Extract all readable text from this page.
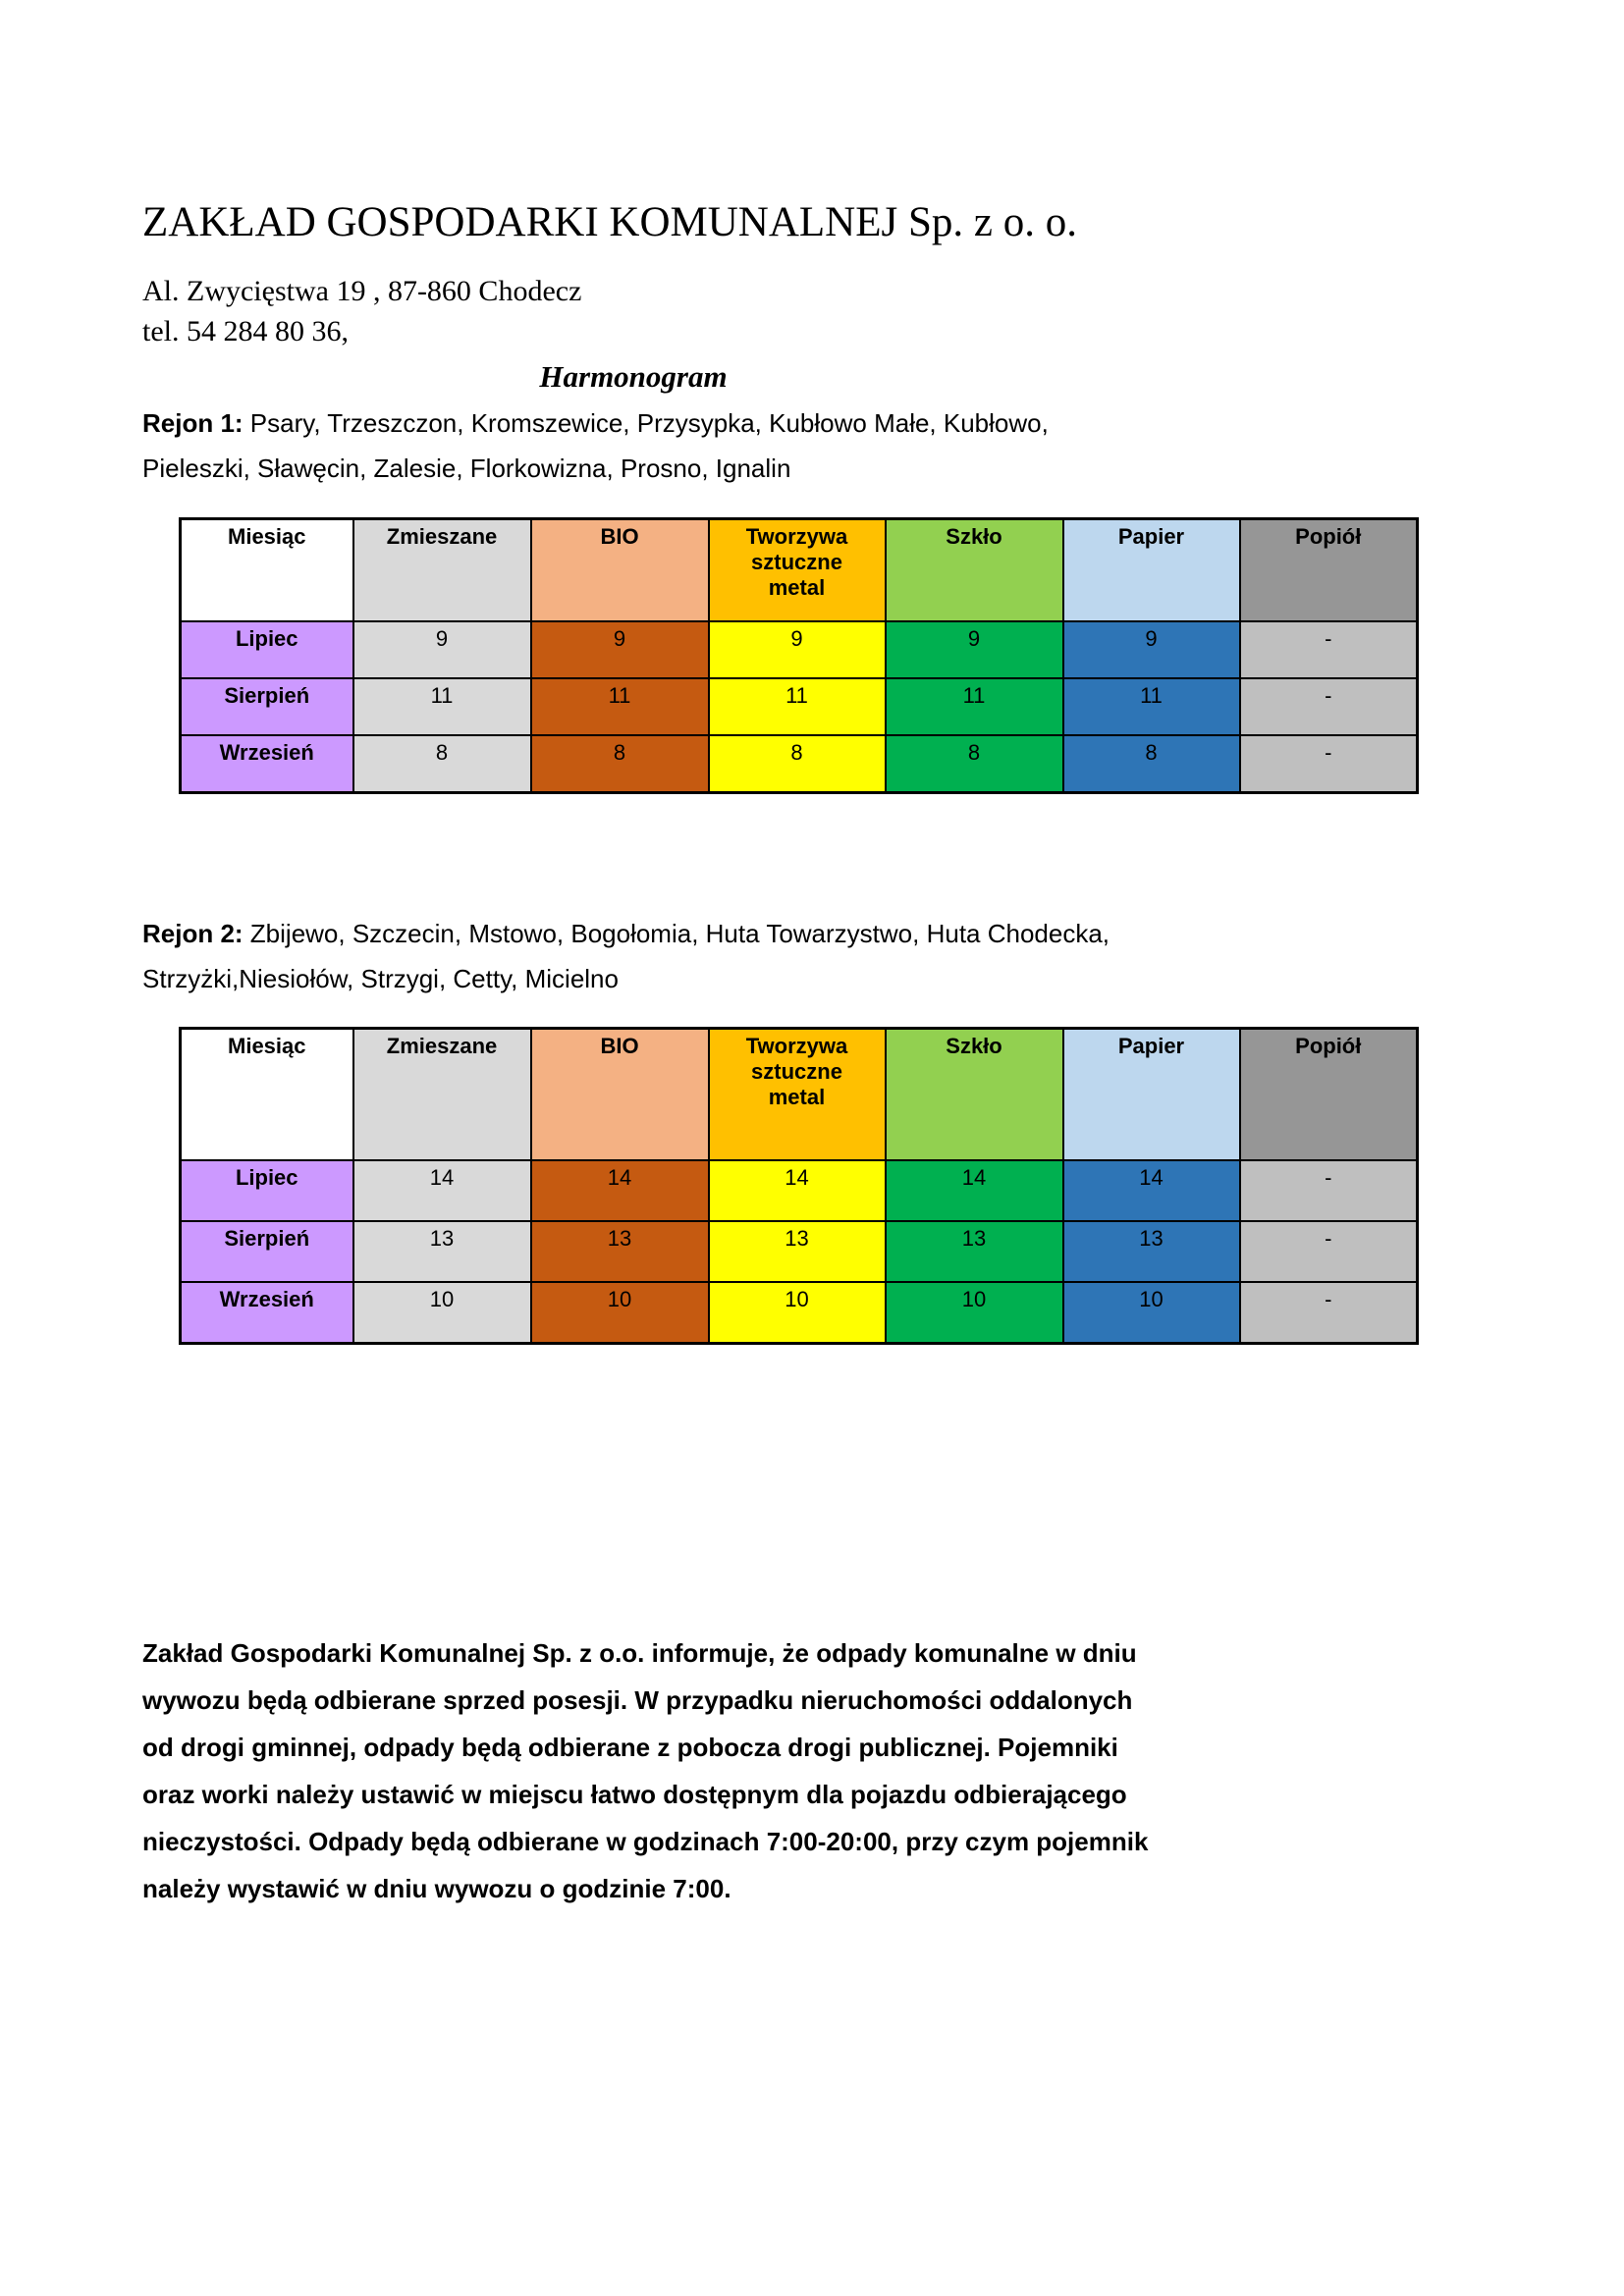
ZAKŁAD GOSPODARKI KOMUNALNEJ Sp. z o. o.
Al. Zwycięstwa 19 , 87-860 Chodecz
tel. 54 284 80 36,
Harmonogram
Rejon 1: Psary, Trzeszczon, Kromszewice, Przysypka, Kubłowo Małe, Kubłowo,
Pieleszki, Sławęcin, Zalesie, Florkowizna, Prosno, Ignalin
Miesiąc	Zmieszane	BIO	Tworzywa sztuczne metal	Szkło	Papier	Popiół
Lipiec	9	9	9	9	9	-
Sierpień	11	11	11	11	11	-
Wrzesień	8	8	8	8	8	-
Rejon 2: Zbijewo, Szczecin, Mstowo, Bogołomia, Huta Towarzystwo, Huta Chodecka,
Strzyżki,Niesiołów, Strzygi, Cetty, Micielno
Miesiąc	Zmieszane	BIO	Tworzywa sztuczne metal	Szkło	Papier	Popiół
Lipiec	14	14	14	14	14	-
Sierpień	13	13	13	13	13	-
Wrzesień	10	10	10	10	10	-
Zakład Gospodarki Komunalnej Sp. z o.o. informuje, że odpady komunalne w dniu
wywozu będą odbierane sprzed posesji. W przypadku nieruchomości oddalonych
od drogi gminnej, odpady będą odbierane z pobocza drogi publicznej. Pojemniki
oraz worki należy ustawić w miejscu łatwo dostępnym dla pojazdu odbierającego
nieczystości. Odpady będą odbierane w godzinach 7:00-20:00, przy czym pojemnik
należy wystawić w dniu wywozu o godzinie 7:00.
